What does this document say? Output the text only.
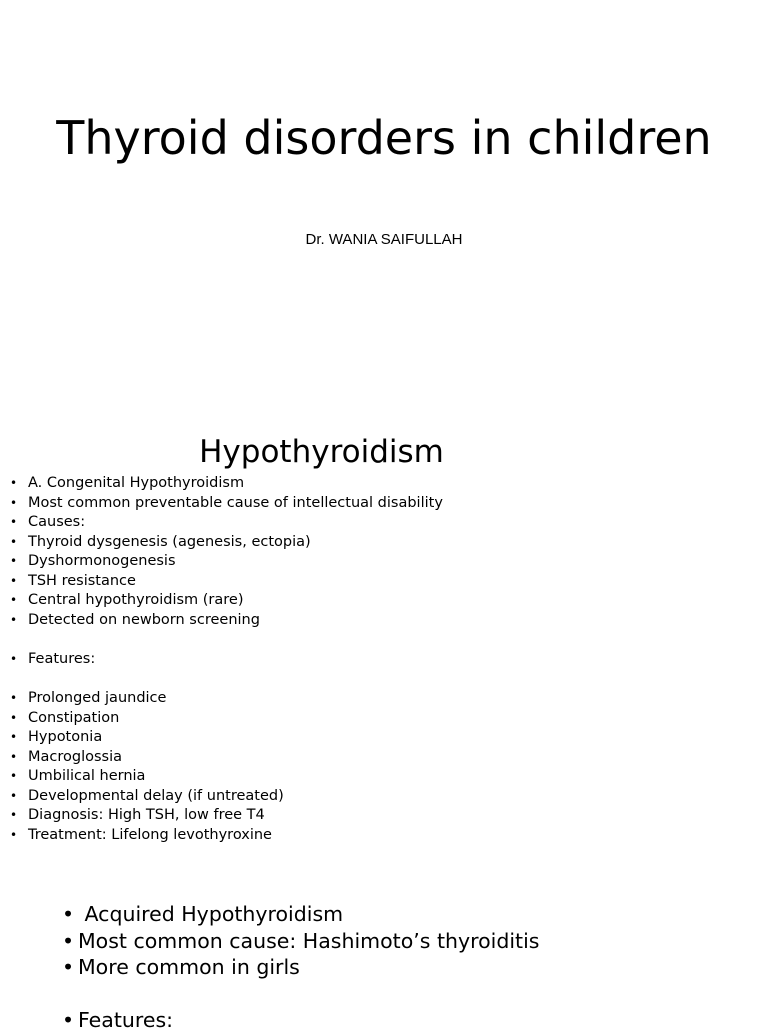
Thyroid disorders in children
Dr. WANIA SAIFULLAH
Hypothyroidism
• A. Congenital Hypothyroidism
• Most common preventable cause of intellectual disability
• Causes:
• Thyroid dysgenesis (agenesis, ectopia)
• Dyshormonogenesis
• TSH resistance
• Central hypothyroidism (rare)
• Detected on newborn screening
• Features:
• Prolonged jaundice
• Constipation
• Hypotonia
• Macroglossia
• Umbilical hernia
• Developmental delay (if untreated)
• Diagnosis: High TSH, low free T4
• Treatment: Lifelong levothyroxine
• Acquired Hypothyroidism
• Most common cause: Hashimoto’s thyroiditis
• More common in girls
• Features:
